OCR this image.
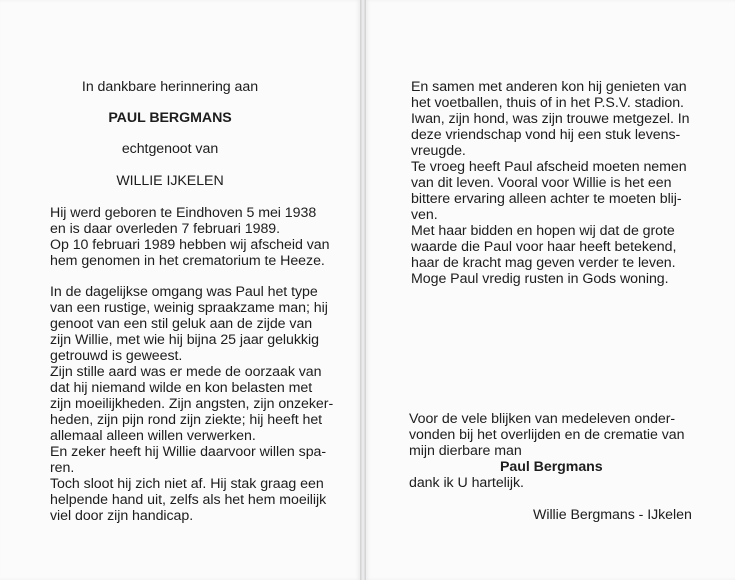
In dankbare herinnering aan
PAUL BERGMANS
echtgenoot van
WILLIE IJKELEN
Hij werd geboren te Eindhoven 5 mei 1938
en is daar overleden 7 februari 1989.
Op 10 februari 1989 hebben wij afscheid van
hem genomen in het crematorium te Heeze.
In de dagelijkse omgang was Paul het type
van een rustige, weinig spraakzame man; hij
genoot van een stil geluk aan de zijde van
zijn Willie, met wie hij bijna 25 jaar gelukkig
getrouwd is geweest.
Zijn stille aard was er mede de oorzaak van
dat hij niemand wilde en kon belasten met
zijn moeilijkheden. Zijn angsten, zijn onzeker-
heden, zijn pijn rond zijn ziekte; hij heeft het
allemaal alleen willen verwerken.
En zeker heeft hij Willie daarvoor willen spa-
ren.
Toch sloot hij zich niet af. Hij stak graag een
helpende hand uit, zelfs als het hem moeilijk
viel door zijn handicap.
En samen met anderen kon hij genieten van
het voetballen, thuis of in het P.S.V. stadion.
Iwan, zijn hond, was zijn trouwe metgezel. In
deze vriendschap vond hij een stuk levens-
vreugde.
Te vroeg heeft Paul afscheid moeten nemen
van dit leven. Vooral voor Willie is het een
bittere ervaring alleen achter te moeten blij-
ven.
Met haar bidden en hopen wij dat de grote
waarde die Paul voor haar heeft betekend,
haar de kracht mag geven verder te leven.
Moge Paul vredig rusten in Gods woning.
Voor de vele blijken van medeleven onder-
vonden bij het overlijden en de crematie van
mijn dierbare man
Paul Bergmans
dank ik U hartelijk.
Willie Bergmans - IJkelen
